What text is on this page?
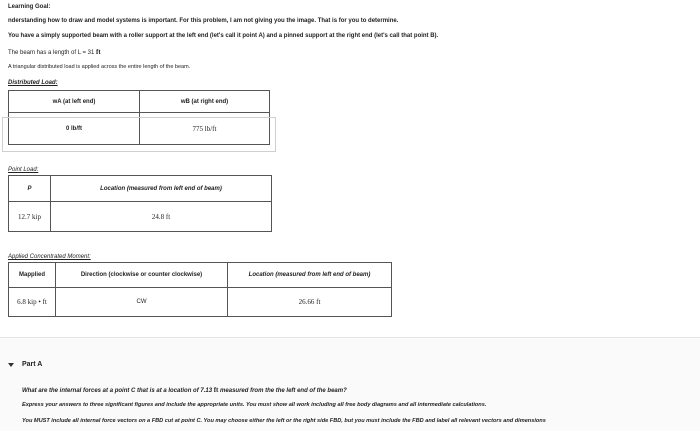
Learning Goal:
nderstanding how to draw and model systems is important. For this problem, I am not giving you the image. That is for you to determine.
You have a simply supported beam with a roller support at the left end (let's call it point A) and a pinned support at the right end (let's call that point B).
The beam has a length of L = 31 ft
A triangular distributed load is applied across the entire length of the beam.
Distributed Load:
wA (at left end)	wB (at right end)
0 lb/ft	775 lb/ft
Point Load:
P	Location (measured from left end of beam)
12.7 kip	24.8 ft
Applied Concentrated Moment:
Mapplied	Direction (clockwise or counter clockwise)	Location (measured from left end of beam)
6.8 kip • ft	CW	26.66 ft
Part A
What are the internal forces at a point C that is at a location of 7.13 ft measured from the the left end of the beam?
Express your answers to three significant figures and include the appropriate units. You must show all work including all free body diagrams and all intermediate calculations.
You MUST include all internal force vectors on a FBD cut at point C. You may choose either the left or the right side FBD, but you must include the FBD and label all relevant vectors and dimensions
